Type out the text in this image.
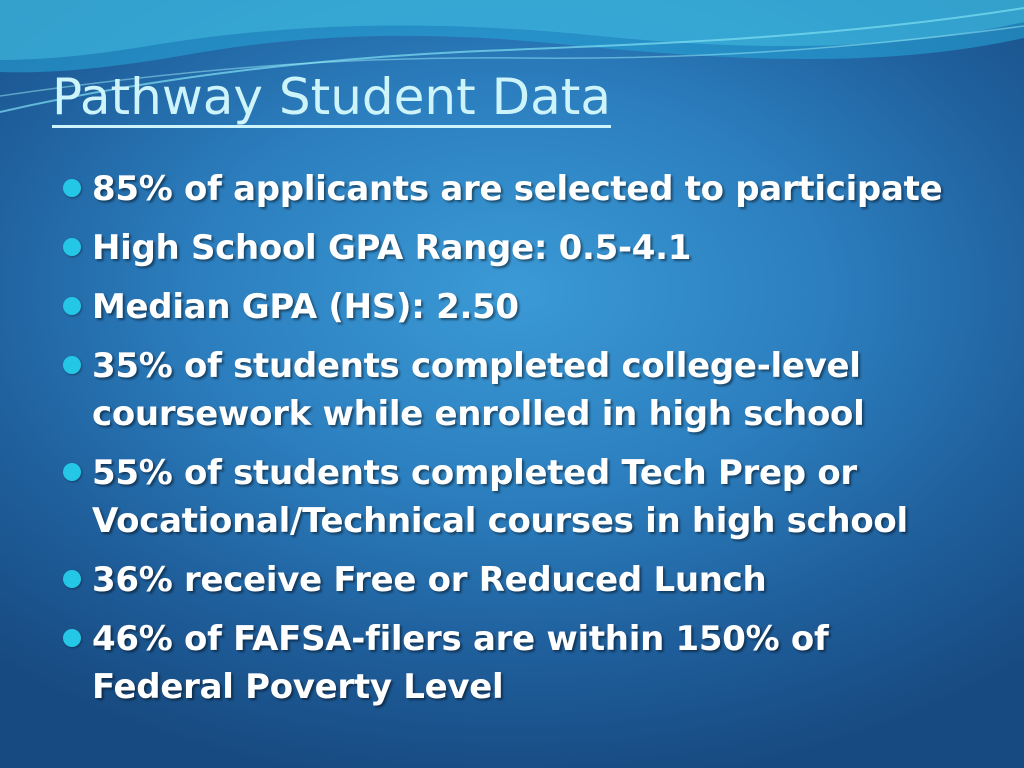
Pathway Student Data
85% of applicants are selected to participate
High School GPA Range: 0.5-4.1
Median GPA (HS): 2.50
35% of students completed college-level coursework while enrolled in high school
55% of students completed Tech Prep or Vocational/Technical courses in high school
36% receive Free or Reduced Lunch
46% of FAFSA-filers are within 150% of Federal Poverty Level
